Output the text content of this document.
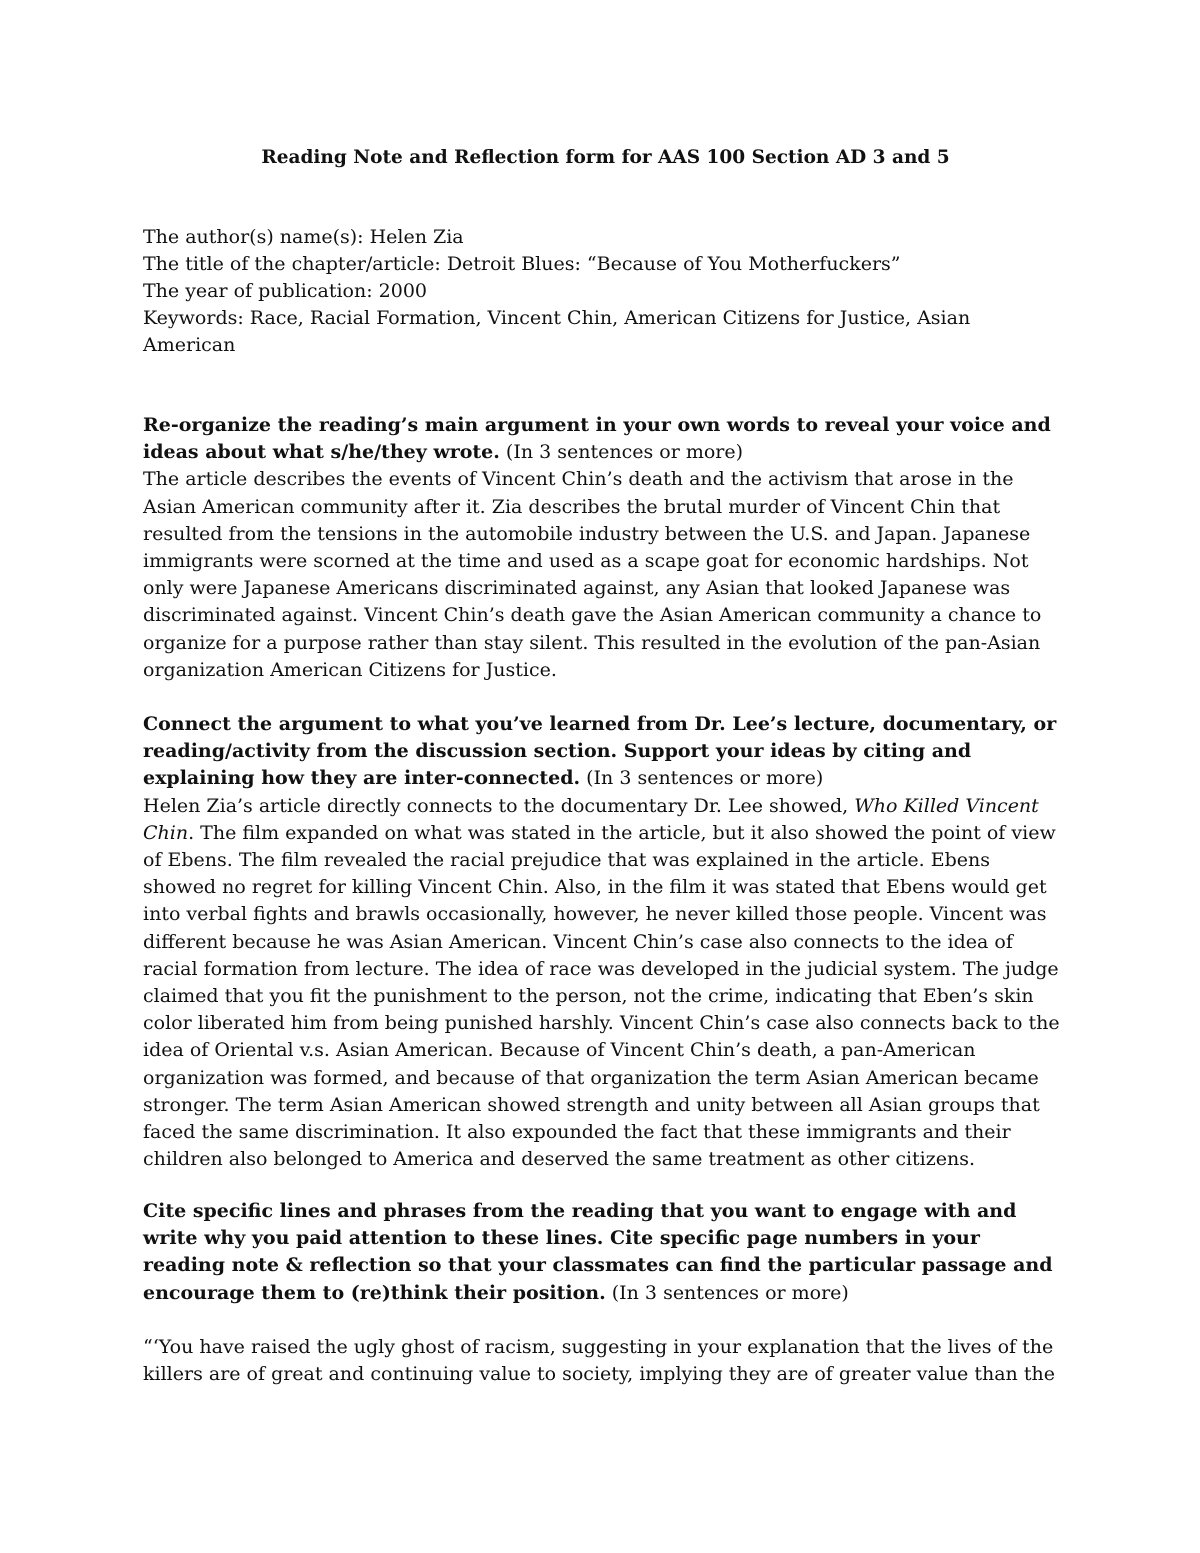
Reading Note and Reflection form for AAS 100 Section AD 3 and 5
The author(s) name(s): Helen Zia
The title of the chapter/article: Detroit Blues: “Because of You Motherfuckers”
The year of publication: 2000
Keywords: Race, Racial Formation, Vincent Chin, American Citizens for Justice, Asian
American
Re-organize the reading’s main argument in your own words to reveal your voice and ideas about what s/he/they wrote. (In 3 sentences or more)
The article describes the events of Vincent Chin’s death and the activism that arose in the Asian American community after it. Zia describes the brutal murder of Vincent Chin that resulted from the tensions in the automobile industry between the U.S. and Japan. Japanese immigrants were scorned at the time and used as a scape goat for economic hardships. Not only were Japanese Americans discriminated against, any Asian that looked Japanese was discriminated against. Vincent Chin’s death gave the Asian American community a chance to organize for a purpose rather than stay silent. This resulted in the evolution of the pan-Asian organization American Citizens for Justice.
Connect the argument to what you’ve learned from Dr. Lee’s lecture, documentary, or reading/activity from the discussion section. Support your ideas by citing and explaining how they are inter-connected. (In 3 sentences or more)
Helen Zia’s article directly connects to the documentary Dr. Lee showed, Who Killed Vincent Chin. The film expanded on what was stated in the article, but it also showed the point of view of Ebens. The film revealed the racial prejudice that was explained in the article. Ebens showed no regret for killing Vincent Chin. Also, in the film it was stated that Ebens would get into verbal fights and brawls occasionally, however, he never killed those people. Vincent was different because he was Asian American. Vincent Chin’s case also connects to the idea of racial formation from lecture. The idea of race was developed in the judicial system. The judge claimed that you fit the punishment to the person, not the crime, indicating that Eben’s skin color liberated him from being punished harshly. Vincent Chin’s case also connects back to the idea of Oriental v.s. Asian American. Because of Vincent Chin’s death, a pan-American organization was formed, and because of that organization the term Asian American became stronger. The term Asian American showed strength and unity between all Asian groups that faced the same discrimination. It also expounded the fact that these immigrants and their children also belonged to America and deserved the same treatment as other citizens.
Cite specific lines and phrases from the reading that you want to engage with and write why you paid attention to these lines. Cite specific page numbers in your reading note & reflection so that your classmates can find the particular passage and encourage them to (re)think their position. (In 3 sentences or more)
“‘You have raised the ugly ghost of racism, suggesting in your explanation that the lives of the killers are of great and continuing value to society, implying they are of greater value than the
